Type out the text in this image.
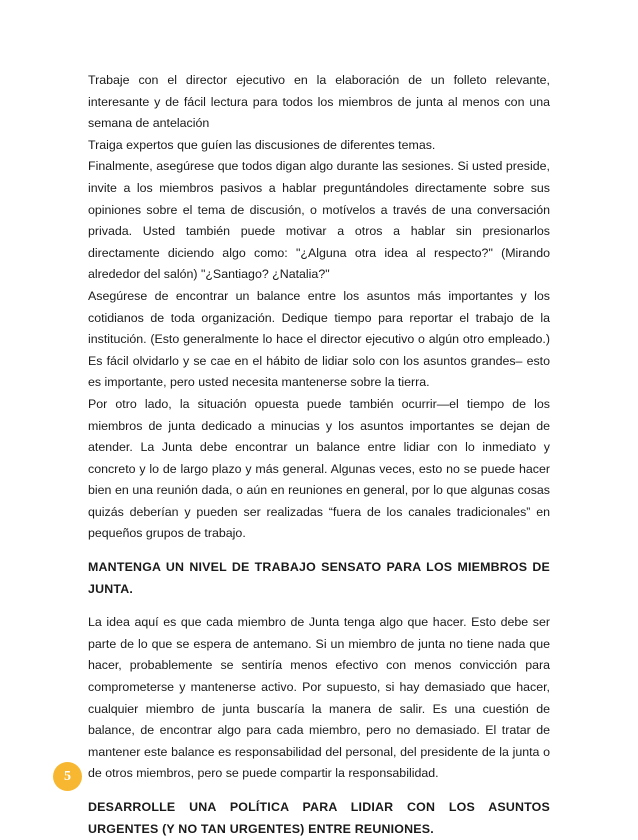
Trabaje con el director ejecutivo en la elaboración de un folleto relevante, interesante y de fácil lectura para todos los miembros de junta al menos con una semana de antelación

Traiga expertos que guíen las discusiones de diferentes temas.

Finalmente, asegúrese que todos digan algo durante las sesiones. Si usted preside, invite a los miembros pasivos a hablar preguntándoles directamente sobre sus opiniones sobre el tema de discusión, o motívelos a través de una conversación privada. Usted también puede motivar a otros a hablar sin presionarlos directamente diciendo algo como: "¿Alguna otra idea al respecto?" (Mirando alrededor del salón) "¿Santiago? ¿Natalia?"

Asegúrese de encontrar un balance entre los asuntos más importantes y los cotidianos de toda organización. Dedique tiempo para reportar el trabajo de la institución. (Esto generalmente lo hace el director ejecutivo o algún otro empleado.) Es fácil olvidarlo y se cae en el hábito de lidiar solo con los asuntos grandes– esto es importante, pero usted necesita mantenerse sobre la tierra.

Por otro lado, la situación opuesta puede también ocurrir—el tiempo de los miembros de junta dedicado a minucias y los asuntos importantes se dejan de atender. La Junta debe encontrar un balance entre lidiar con lo inmediato y concreto y lo de largo plazo y más general. Algunas veces, esto no se puede hacer bien en una reunión dada, o aún en reuniones en general, por lo que algunas cosas quizás deberían y pueden ser realizadas “fuera de los canales tradicionales” en pequeños grupos de trabajo.

MANTENGA UN NIVEL DE TRABAJO SENSATO PARA LOS MIEMBROS DE JUNTA.

La idea aquí es que cada miembro de Junta tenga algo que hacer. Esto debe ser parte de lo que se espera de antemano. Si un miembro de junta no tiene nada que hacer, probablemente se sentiría menos efectivo con menos convicción para comprometerse y mantenerse activo. Por supuesto, si hay demasiado que hacer, cualquier miembro de junta buscaría la manera de salir. Es una cuestión de balance, de encontrar algo para cada miembro, pero no demasiado. El tratar de mantener este balance es responsabilidad del personal, del presidente de la junta o de otros miembros, pero se puede compartir la responsabilidad.

DESARROLLE UNA POLÍTICA PARA LIDIAR CON LOS ASUNTOS URGENTES (Y NO TAN URGENTES) ENTRE REUNIONES.

5
